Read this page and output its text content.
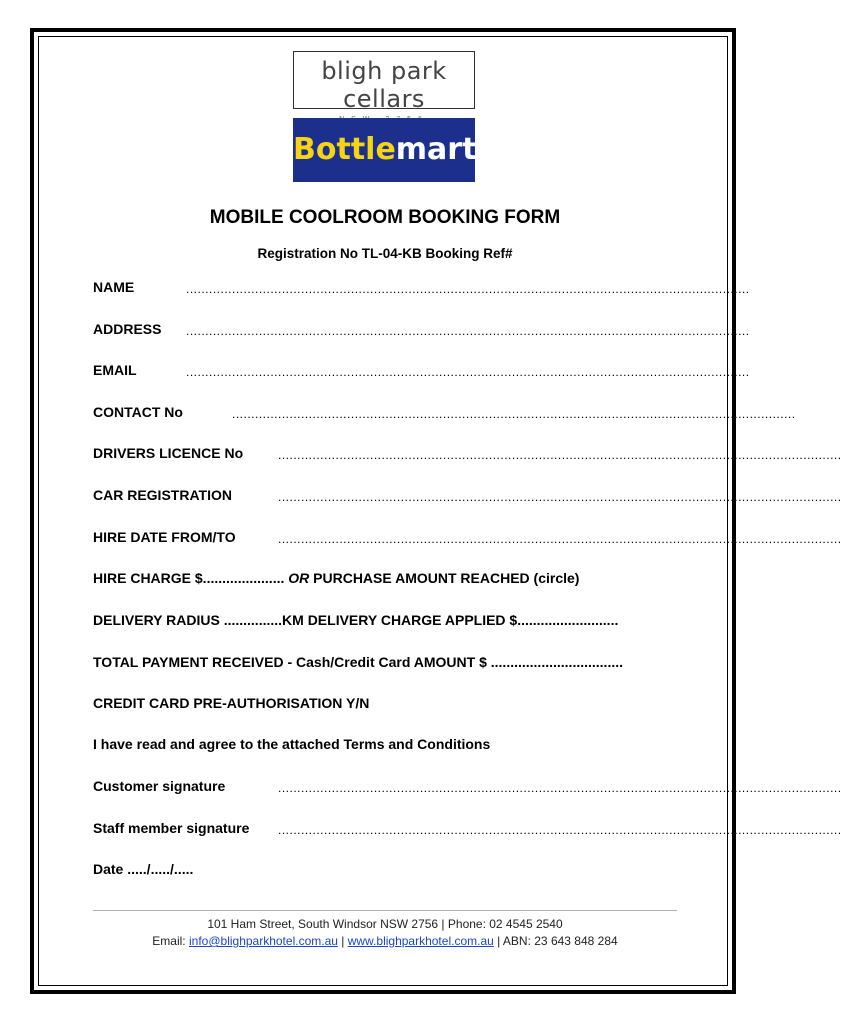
bligh park cellars
Bottlemart
MOBILE COOLROOM BOOKING FORM
Registration No TL-04-KB Booking Ref#
NAME	...................................................................................................................................................
ADDRESS ...................................................................................................................................................
EMAIL	...................................................................................................................................................
CONTACT No	...................................................................................................................................................
DRIVERS LICENCE No	...................................................................................................................................................
CAR REGISTRATION	...................................................................................................................................................
HIRE DATE FROM/TO	...................................................................................................................................................
HIRE CHARGE $..................... OR PURCHASE AMOUNT REACHED (circle)
DELIVERY RADIUS ...............KM DELIVERY CHARGE APPLIED $..........................
TOTAL PAYMENT RECEIVED - Cash/Credit Card AMOUNT $ ..................................
CREDIT CARD PRE-AUTHORISATION Y/N
I have read and agree to the attached Terms and Conditions
Customer signature	...................................................................................................................................................
Staff member signature ...................................................................................................................................................
Date ...../...../.....
101 Ham Street, South Windsor NSW 2756 | Phone: 02 4545 2540
Email: info@blighparkhotel.com.au | www.blighparkhotel.com.au | ABN: 23 643 848 284
